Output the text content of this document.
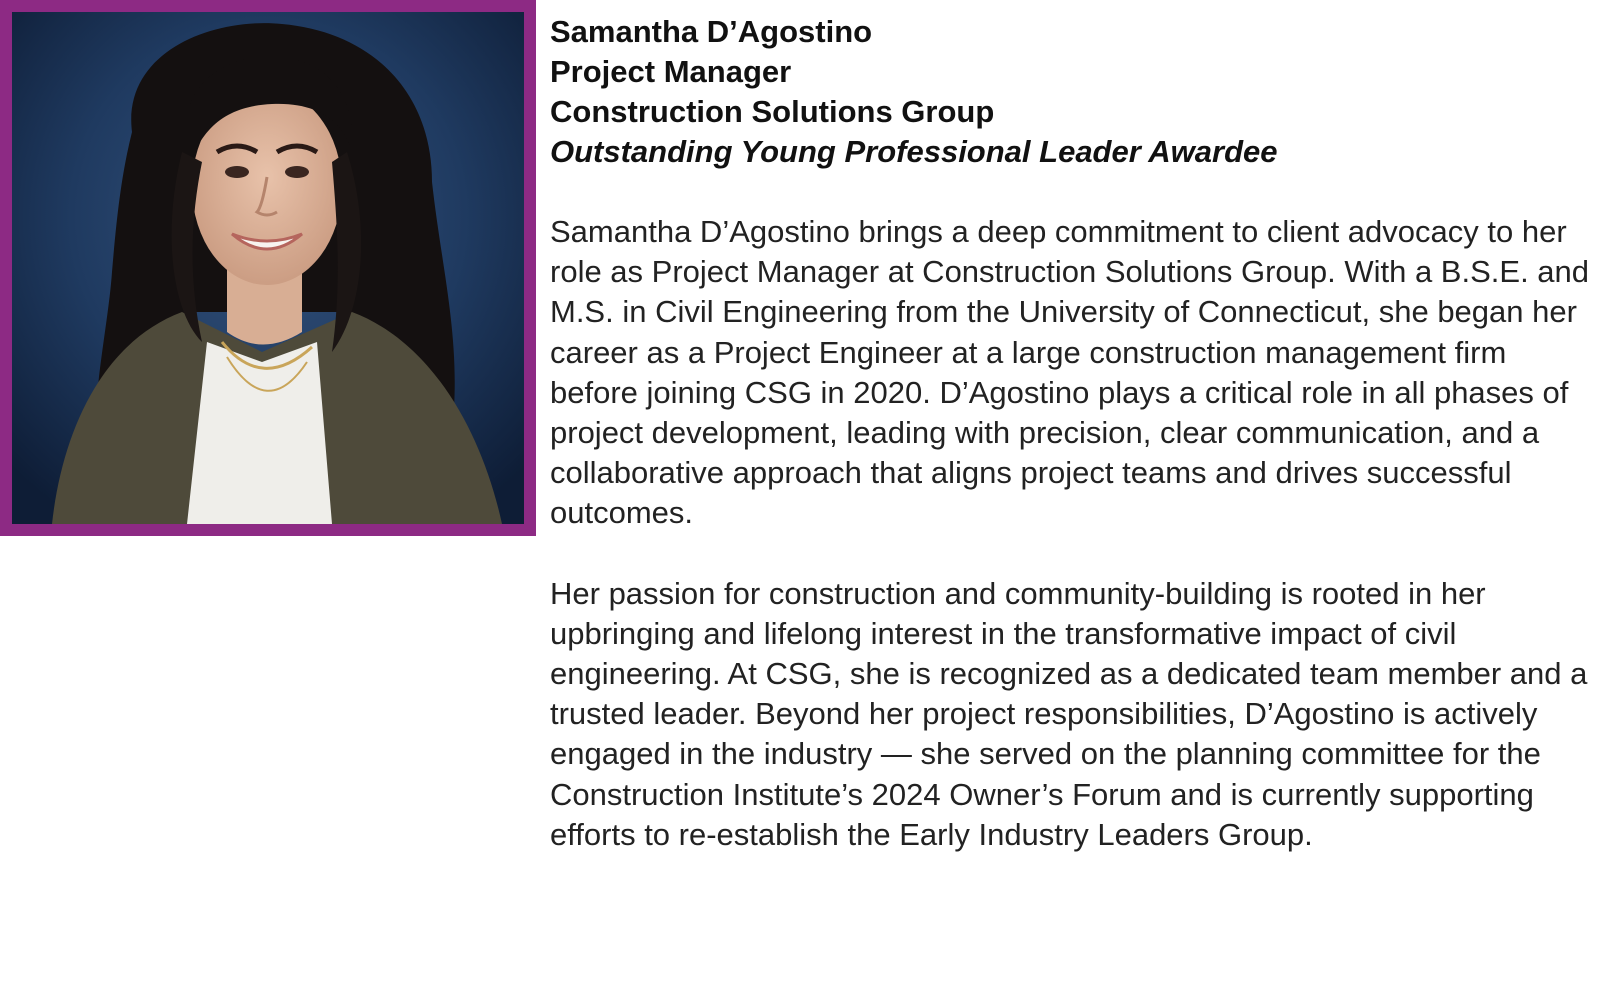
Samantha D’Agostino

Project Manager

Construction Solutions Group

Outstanding Young Professional Leader Awardee

Samantha D’Agostino brings a deep commitment to client advocacy to her role as Project Manager at Construction Solutions Group. With a B.S.E. and M.S. in Civil Engineering from the University of Connecticut, she began her career as a Project Engineer at a large construction management firm before joining CSG in 2020. D’Agostino plays a critical role in all phases of project development, leading with precision, clear communication, and a collaborative approach that aligns project teams and drives successful outcomes.

Her passion for construction and community-building is rooted in her upbringing and lifelong interest in the transformative impact of civil engineering. At CSG, she is recognized as a dedicated team member and a trusted leader. Beyond her project responsibilities, D’Agostino is actively engaged in the industry — she served on the planning committee for the Construction Institute’s 2024 Owner’s Forum and is currently supporting efforts to re-establish the Early Industry Leaders Group.
